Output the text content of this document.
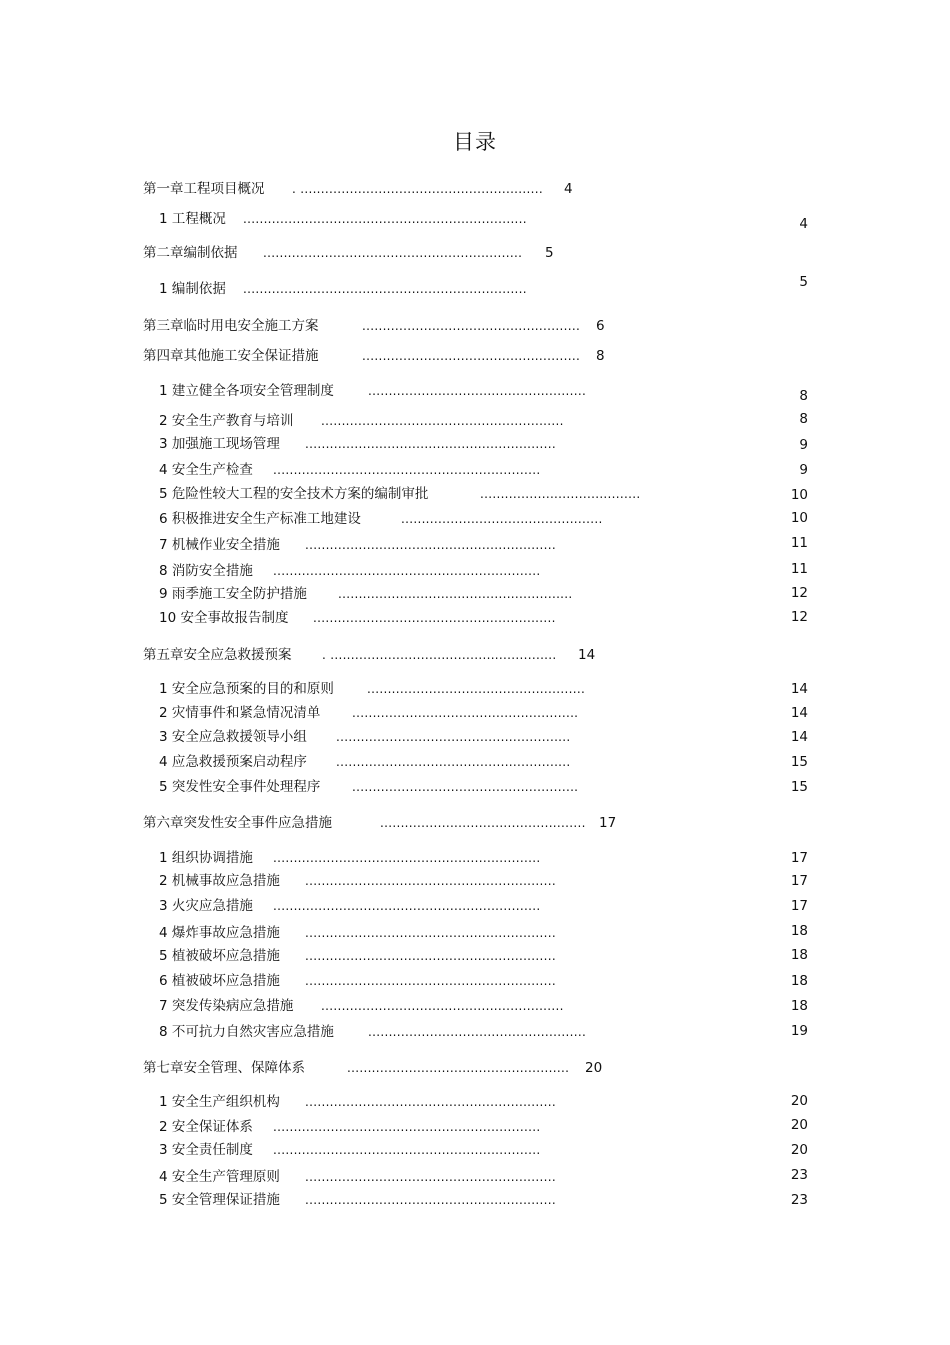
目录
第一章工程项目概况 . ........................................................... 4
1 工程概况 .....................................................................	4
第二章编制依据 ............................................................... 5
1 编制依据 .....................................................................	5
第三章临时用电安全施工方案	..................................................... 6
第四章其他施工安全保证措施	..................................................... 8
1 建立健全各项安全管理制度	.....................................................	8
2 安全生产教育与培训 ...........................................................	8
3 加强施工现场管理 .............................................................	9
4 安全生产检查 .................................................................	9
5 危险性较大工程的安全技术方案的编制审批	.......................................	10
6 积极推进安全生产标准工地建设	.................................................	10
7 机械作业安全措施 .............................................................	11
8 消防安全措施 .................................................................	11
9 雨季施工安全防护措施	.........................................................	12
10 安全事故报告制度 ...........................................................	12
第五章安全应急救援预案	. ....................................................... 14
1 安全应急预案的目的和原则	.....................................................	14
2 灾情事件和紧急情况清单	.......................................................	14
3 安全应急救援领导小组 .........................................................	14
4 应急救援预案启动程序 .........................................................	15
5 突发性安全事件处理程序	.......................................................	15
第六章突发性安全事件应急措施	.................................................. 17
1 组织协调措施 .................................................................	17
2 机械事故应急措施 .............................................................	17
3 火灾应急措施 .................................................................	17
4 爆炸事故应急措施 .............................................................	18
5 植被破坏应急措施 .............................................................	18
6 植被破坏应急措施 .............................................................	18
7 突发传染病应急措施 ...........................................................	18
8 不可抗力自然灾害应急措施	.....................................................	19
第七章安全管理、保障体系	...................................................... 20
1 安全生产组织机构 .............................................................	20
2 安全保证体系 .................................................................	20
3 安全责任制度 .................................................................	20
4 安全生产管理原则 .............................................................	23
5 安全管理保证措施 .............................................................	23
